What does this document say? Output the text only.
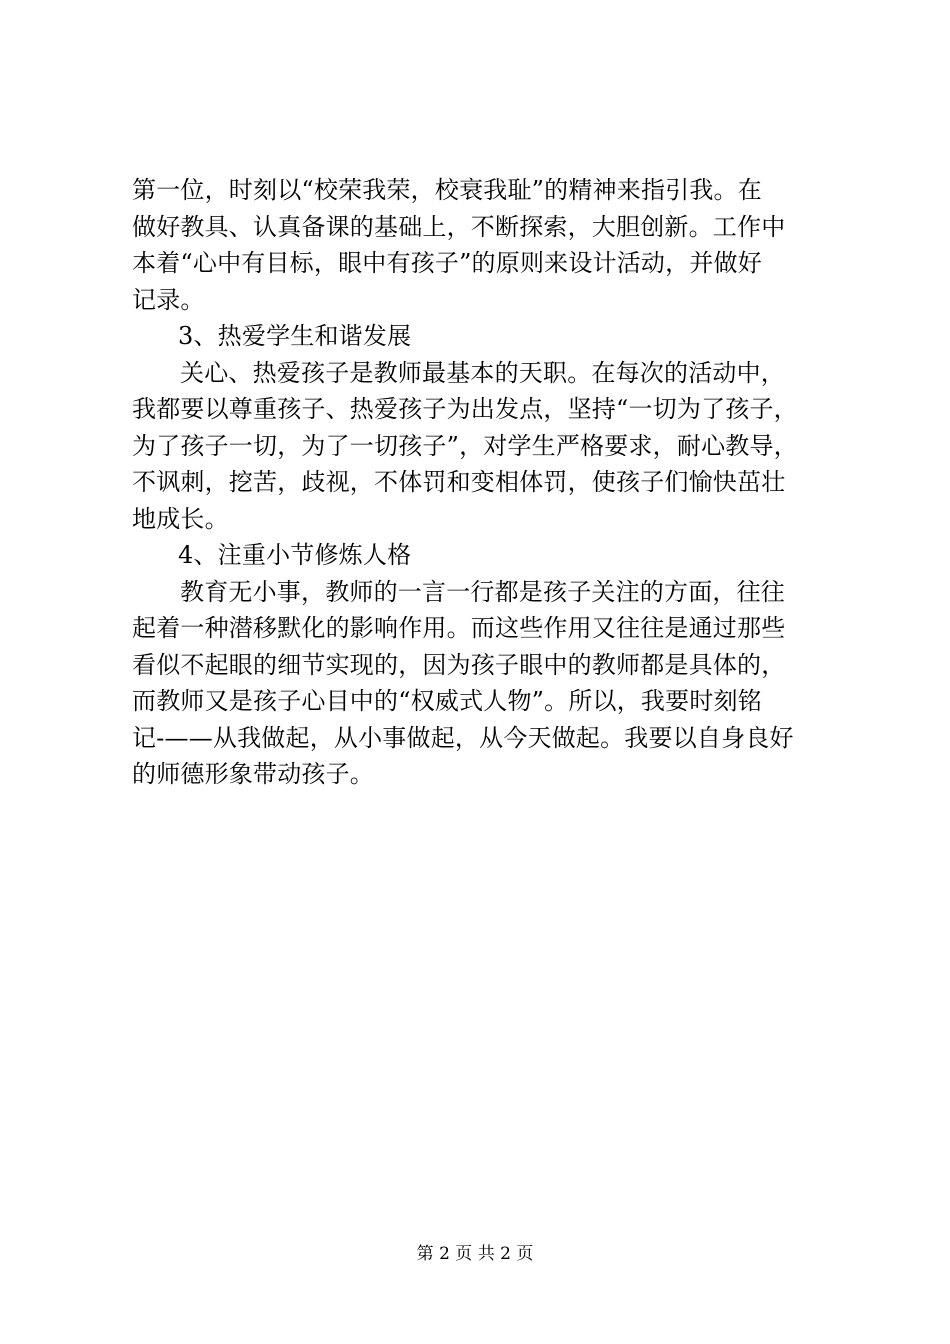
第一位，时刻以“校荣我荣，校衰我耻”的精神来指引我。在
做好教具、认真备课的基础上，不断探索，大胆创新。工作中
本着“心中有目标，眼中有孩子”的原则来设计活动，并做好
记录。
3、热爱学生和谐发展
关心、热爱孩子是教师最基本的天职。在每次的活动中，
我都要以尊重孩子、热爱孩子为出发点，坚持“一切为了孩子，
为了孩子一切，为了一切孩子”，对学生严格要求，耐心教导，
不讽刺，挖苦，歧视，不体罚和变相体罚，使孩子们愉快茁壮
地成长。
4、注重小节修炼人格
教育无小事，教师的一言一行都是孩子关注的方面，往往
起着一种潜移默化的影响作用。而这些作用又往往是通过那些
看似不起眼的细节实现的，因为孩子眼中的教师都是具体的，
而教师又是孩子心目中的“权威式人物”。所以，我要时刻铭
记-——从我做起，从小事做起，从今天做起。我要以自身良好
的师德形象带动孩子。
第 2 页 共 2 页
